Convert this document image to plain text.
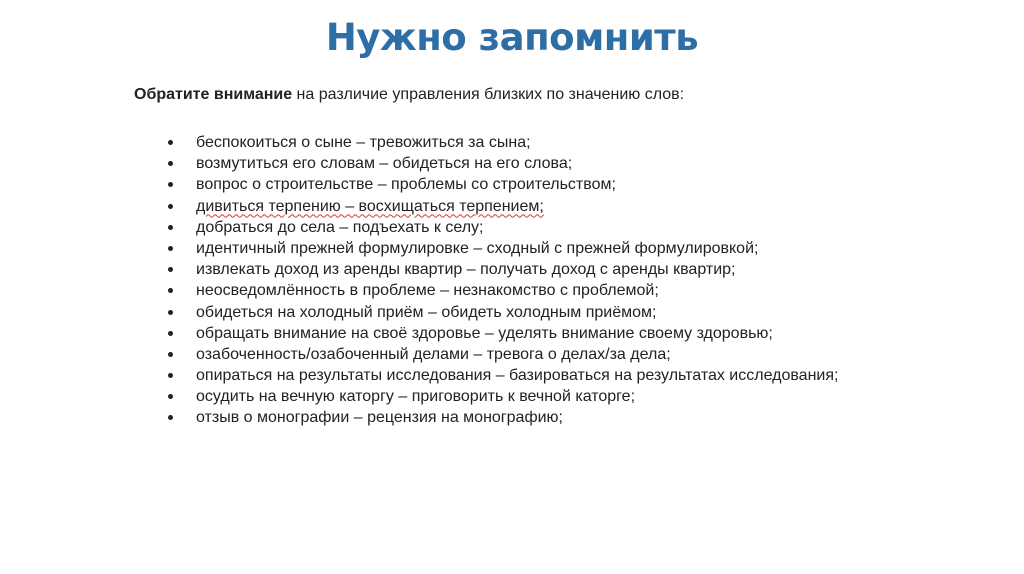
Нужно запомнить
Обратите внимание на различие управления близких по значению слов:
беспокоиться о сыне – тревожиться за сына;
возмутиться его словам – обидеться на его слова;
вопрос о строительстве – проблемы со строительством;
дивиться терпению – восхищаться терпением;
добраться до села – подъехать к селу;
идентичный прежней формулировке – сходный с прежней формулировкой;
извлекать доход из аренды квартир – получать доход с аренды квартир;
неосведомлённость в проблеме – незнакомство с проблемой;
обидеться на холодный приём – обидеть холодным приёмом;
обращать внимание на своё здоровье – уделять внимание своему здоровью;
озабоченность/озабоченный делами – тревога о делах/за дела;
опираться на результаты исследования – базироваться на результатах исследования;
осудить на вечную каторгу – приговорить к вечной каторге;
отзыв о монографии – рецензия на монографию;
